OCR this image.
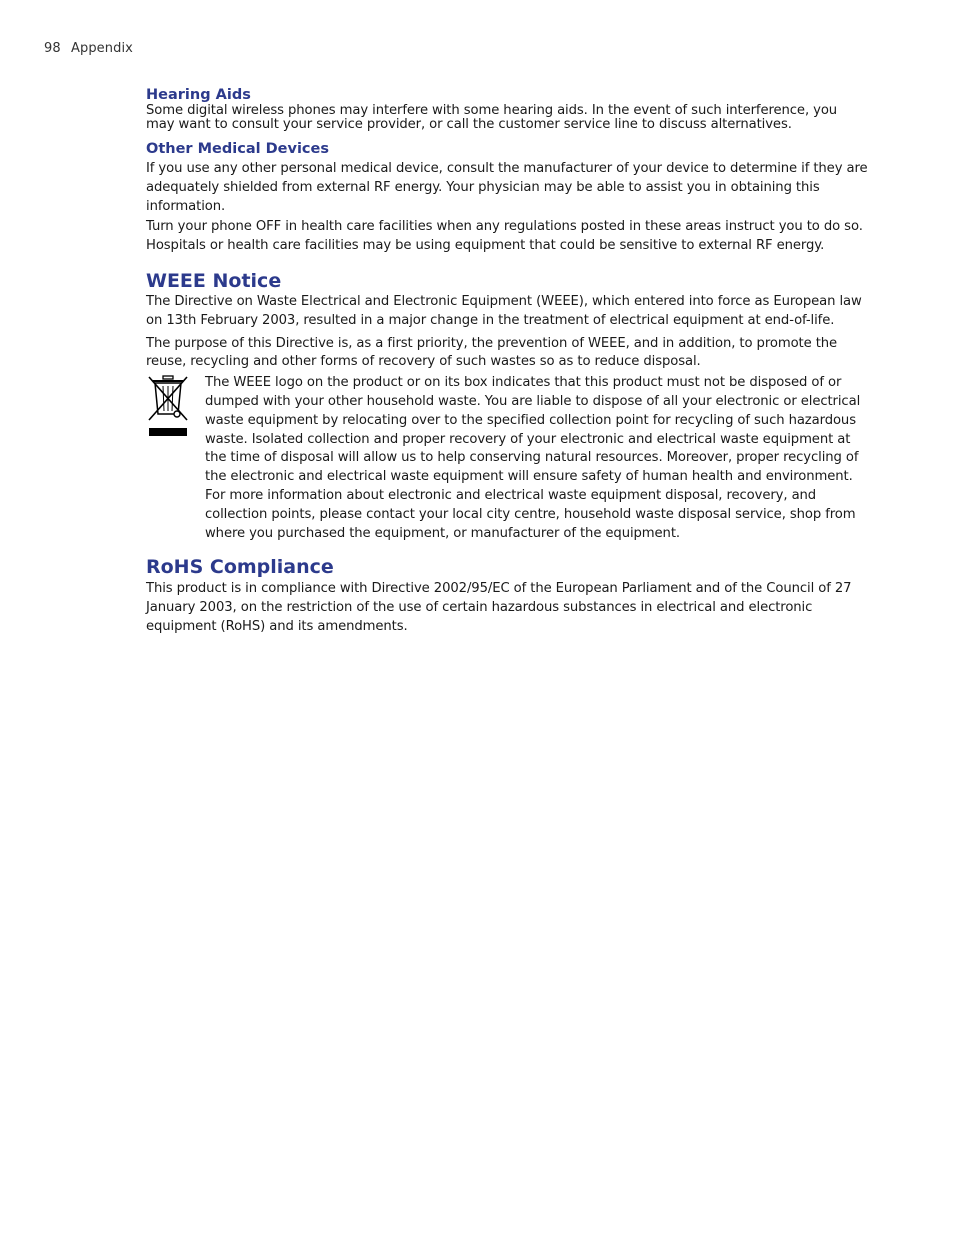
98 Appendix
Hearing Aids

Some digital wireless phones may interfere with some hearing aids. In the event of such interference, you may want to consult your service provider, or call the customer service line to discuss alternatives.

Other Medical Devices

If you use any other personal medical device, consult the manufacturer of your device to determine if they are adequately shielded from external RF energy. Your physician may be able to assist you in obtaining this information.

Turn your phone OFF in health care facilities when any regulations posted in these areas instruct you to do so. Hospitals or health care facilities may be using equipment that could be sensitive to external RF energy.

WEEE Notice

The Directive on Waste Electrical and Electronic Equipment (WEEE), which entered into force as European law on 13th February 2003, resulted in a major change in the treatment of electrical equipment at end-of-life.

The purpose of this Directive is, as a first priority, the prevention of WEEE, and in addition, to promote the reuse, recycling and other forms of recovery of such wastes so as to reduce disposal.

The WEEE logo on the product or on its box indicates that this product must not be disposed of or dumped with your other household waste. You are liable to dispose of all your electronic or electrical waste equipment by relocating over to the specified collection point for recycling of such hazardous waste. Isolated collection and proper recovery of your electronic and electrical waste equipment at the time of disposal will allow us to help conserving natural resources. Moreover, proper recycling of the electronic and electrical waste equipment will ensure safety of human health and environment. For more information about electronic and electrical waste equipment disposal, recovery, and collection points, please contact your local city centre, household waste disposal service, shop from where you purchased the equipment, or manufacturer of the equipment.

RoHS Compliance

This product is in compliance with Directive 2002/95/EC of the European Parliament and of the Council of 27 January 2003, on the restriction of the use of certain hazardous substances in electrical and electronic equipment (RoHS) and its amendments.
